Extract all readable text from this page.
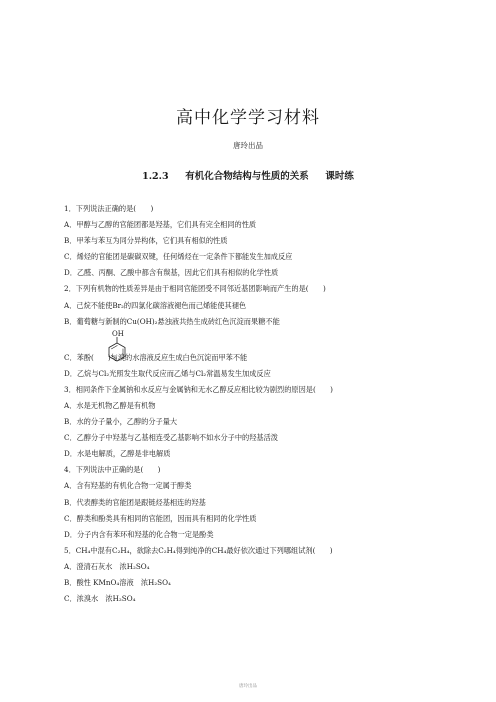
高中化学学习材料
唐玲出品
1.2.3 有机化合物结构与性质的关系 课时练
1．下列说法正确的是(　　)
A．甲醇与乙醇的官能团都是羟基，它们具有完全相同的性质
B．甲苯与苯互为同分异构体，它们具有相似的性质
C．烯烃的官能团是碳碳双键，任何烯烃在一定条件下都能发生加成反应
D．乙醛、丙酮、乙酸中都含有羰基，因此它们具有相似的化学性质
2．下列有机物的性质差异是由于相同官能团受不同邻近基团影响而产生的是(　　)
A．己烷不能使Br₂的四氯化碳溶液褪色而己烯能使其褪色
B．葡萄糖与新制的Cu(OH)₂悬浊液共热生成砖红色沉淀而果糖不能
OH
C．苯酚( )与溴的水溶液反应生成白色沉淀而甲苯不能
D．乙烷与Cl₂光照发生取代反应而乙烯与Cl₂常温易发生加成反应
3．相同条件下金属钠和水反应与金属钠和无水乙醇反应相比较为剧烈的原因是(　　)
A．水是无机物乙醇是有机物
B．水的分子量小，乙醇的分子量大
C．乙醇分子中羟基与乙基相连受乙基影响不如水分子中的羟基活泼
D．水是电解质，乙醇是非电解质
4．下列说法中正确的是(　　)
A．含有羟基的有机化合物一定属于醇类
B．代表醇类的官能团是跟链烃基相连的羟基
C．醇类和酚类具有相同的官能团，因而具有相同的化学性质
D．分子内含有苯环和羟基的化合物一定是酚类
5．CH₄中混有C₂H₄，欲除去C₂H₄得到纯净的CH₄最好依次通过下列哪组试剂(　　)
A．澄清石灰水　浓H₂SO₄
B．酸性 KMnO₄溶液　浓H₂SO₄
C．浓溴水　浓H₂SO₄
唐玲出品
